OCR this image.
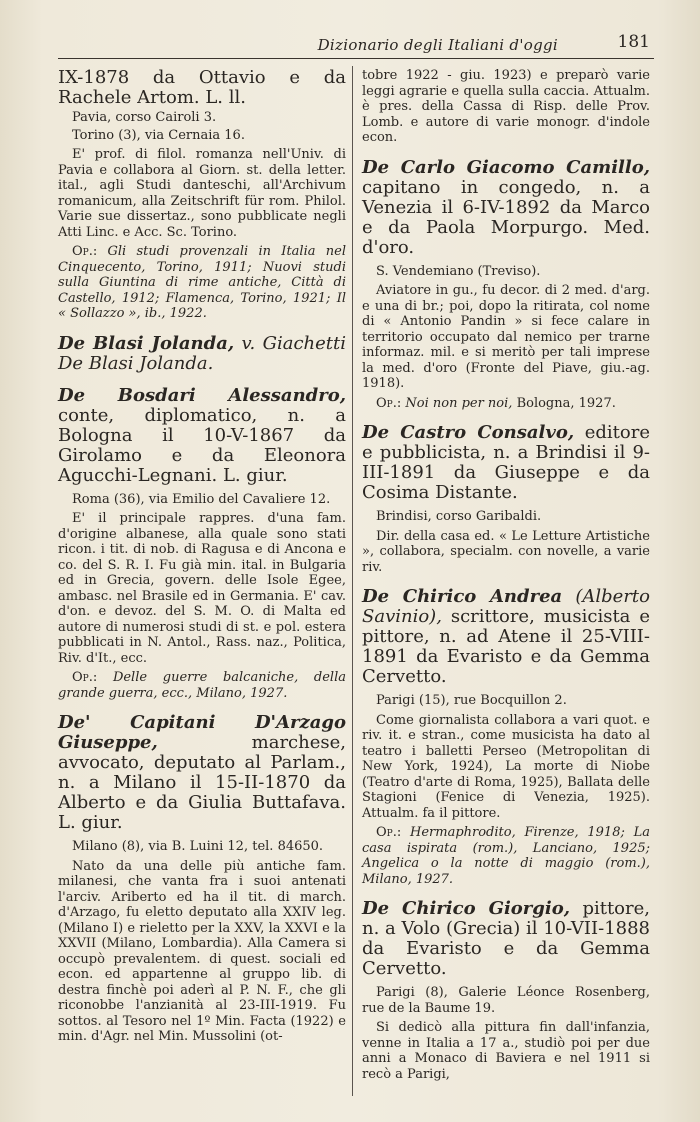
Dizionario degli Italiani d'oggi	181

IX-1878 da Ottavio e da Rachele Artom. L. ll.

Pavia, corso Cairoli 3.

Torino (3), via Cernaia 16.

E' prof. di filol. romanza nell'Univ. di Pavia e collabora al Giorn. st. della letter. ital., agli Studi danteschi, all'Archivum romanicum, alla Zeitschrift für rom. Philol. Varie sue dissertaz., sono pubblicate negli Atti Linc. e Acc. Sc. Torino.

Op.: Gli studi provenzali in Italia nel Cinquecento, Torino, 1911; Nuovi studi sulla Giuntina di rime antiche, Città di Castello, 1912; Flamenca, Torino, 1921; Il « Sollazzo », ib., 1922.

De Blasi Jolanda, v. Giachetti De Blasi Jolanda.

De Bosdari Alessandro, conte, diplomatico, n. a Bologna il 10-V-1867 da Girolamo e da Eleonora Agucchi-Legnani. L. giur.

Roma (36), via Emilio del Cavaliere 12.

E' il principale rappres. d'una fam. d'origine albanese, alla quale sono stati ricon. i tit. di nob. di Ragusa e di Ancona e co. del S. R. I. Fu già min. ital. in Bulgaria ed in Grecia, govern. delle Isole Egee, ambasc. nel Brasile ed in Germania. E' cav. d'on. e devoz. del S. M. O. di Malta ed autore di numerosi studi di st. e pol. estera pubblicati in N. Antol., Rass. naz., Politica, Riv. d'It., ecc.

Op.: Delle guerre balcaniche, della grande guerra, ecc., Milano, 1927.

De' Capitani D'Arzago Giuseppe,	marchese, avvocato, deputato al Parlam., n. a Milano il 15-II-1870 da Alberto e da Giulia Buttafava. L. giur.

Milano (8), via B. Luini 12, tel. 84650.

Nato da una delle più antiche fam. milanesi, che vanta fra i suoi antenati l'arciv. Ariberto ed ha il tit. di march. d'Arzago, fu eletto deputato alla XXIV leg. (Milano I) e rieletto per la XXV, la XXVI e la XXVII (Milano, Lombardia). Alla Camera si occupò prevalentem. di quest. sociali ed econ. ed appartenne al gruppo lib. di destra finchè poi aderì al P. N. F., che gli riconobbe l'anzianità al 23-III-1919. Fu sottos. al Tesoro nel 1º Min. Facta (1922) e min. d'Agr. nel Min. Mussolini (ot-

tobre 1922 - giu. 1923) e preparò varie leggi agrarie e quella sulla caccia. Attualm. è pres. della Cassa di Risp. delle Prov. Lomb. e autore di varie monogr. d'indole econ.

De Carlo Giacomo Camillo, capitano in congedo, n. a Venezia il 6-IV-1892 da Marco e da Paola Morpurgo. Med. d'oro.

S. Vendemiano (Treviso).

Aviatore in gu., fu decor. di 2 med. d'arg. e una di br.; poi, dopo la ritirata, col nome di « Antonio Pandin » si fece calare in territorio occupato dal nemico per trarne informaz. mil. e si meritò per tali imprese la med. d'oro (Fronte del Piave, giu.-ag. 1918).

Op.: Noi non per noi, Bologna, 1927.

De Castro Consalvo, editore e pubblicista, n. a Brindisi il 9-III-1891 da Giuseppe e da Cosima Distante.

Brindisi, corso Garibaldi.

Dir. della casa ed. « Le Letture Artistiche », collabora, specialm. con novelle, a varie riv.

De Chirico Andrea (Alberto Savinio), scrittore, musicista e pittore, n. ad Atene il 25-VIII-1891 da Evaristo e da Gemma Cervetto.

Parigi (15), rue Bocquillon 2.

Come giornalista collabora a vari quot. e riv. it. e stran., come musicista ha dato al teatro i balletti Perseo (Metropolitan di New York, 1924), La morte di Niobe (Teatro d'arte di Roma, 1925), Ballata delle Stagioni (Fenice di Venezia, 1925). Attualm. fa il pittore.

Op.: Hermaphrodito, Firenze, 1918; La casa ispirata (rom.), Lanciano, 1925; Angelica o la notte di maggio (rom.), Milano, 1927.

De Chirico Giorgio, pittore, n. a Volo (Grecia) il 10-VII-1888 da Evaristo e da Gemma Cervetto.

Parigi (8), Galerie Léonce Rosenberg, rue de la Baume 19.

Si dedicò alla pittura fin dall'infanzia, venne in Italia a 17 a., studiò poi per due anni a Monaco di Baviera e nel 1911 si recò a Parigi,
